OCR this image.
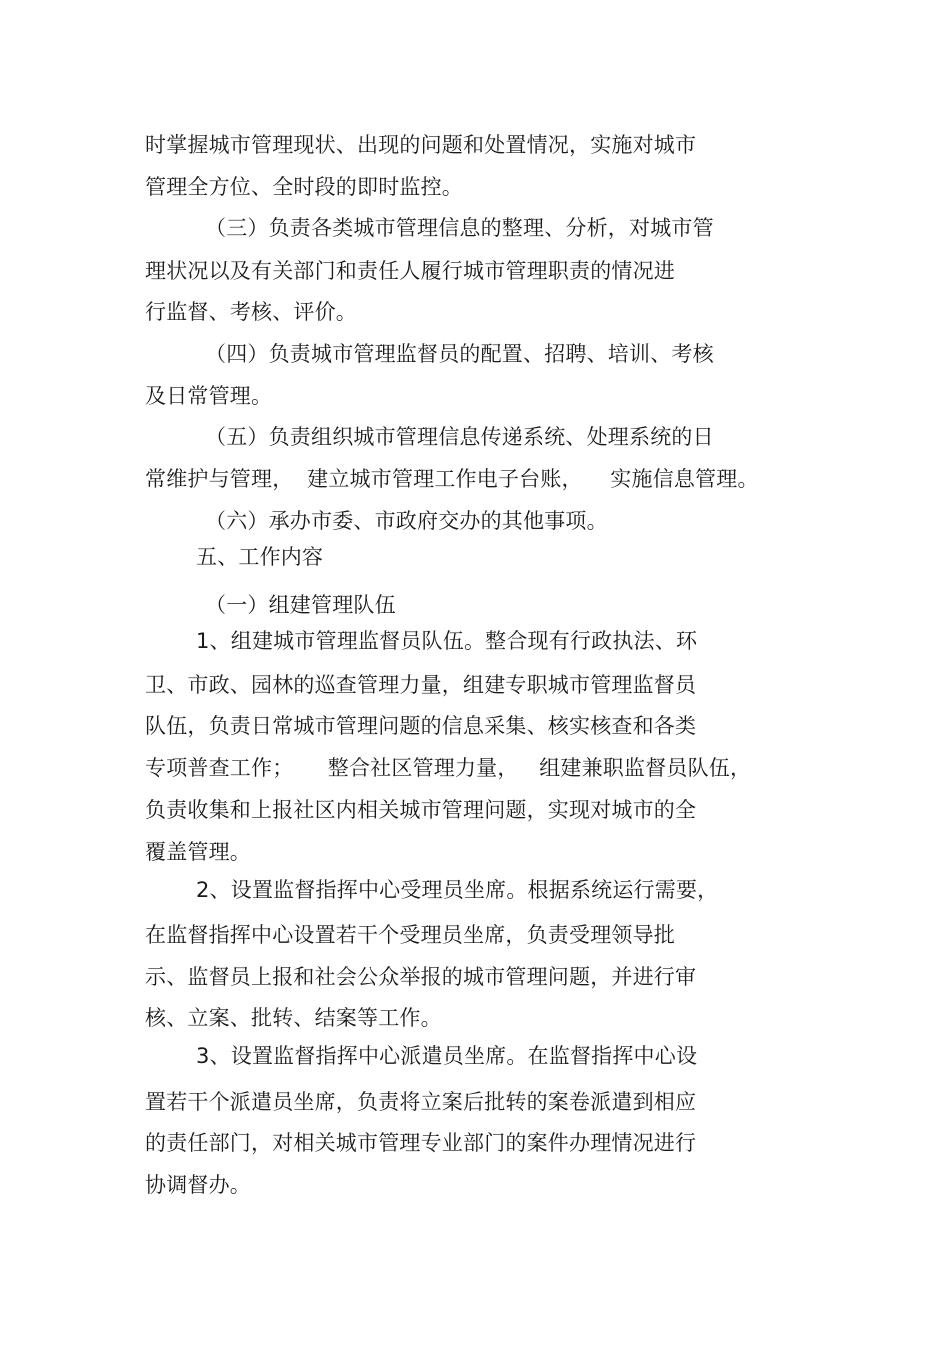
时掌握城市管理现状、出现的问题和处置情况，实施对城市
管理全方位、全时段的即时监控。
（三）负责各类城市管理信息的整理、分析，对城市管
理状况以及有关部门和责任人履行城市管理职责的情况进
行监督、考核、评价。
（四）负责城市管理监督员的配置、招聘、培训、考核
及日常管理。
（五）负责组织城市管理信息传递系统、处理系统的日
常维护与管理，  建立城市管理工作电子台账，    实施信息管理。
（六）承办市委、市政府交办的其他事项。
五、工作内容
（一）组建管理队伍
1、组建城市管理监督员队伍。整合现有行政执法、环
卫、市政、园林的巡查管理力量，组建专职城市管理监督员
队伍，负责日常城市管理问题的信息采集、核实核查和各类
专项普查工作；     整合社区管理力量，   组建兼职监督员队伍，
负责收集和上报社区内相关城市管理问题，实现对城市的全
覆盖管理。
2、设置监督指挥中心受理员坐席。根据系统运行需要，
在监督指挥中心设置若干个受理员坐席，负责受理领导批
示、监督员上报和社会公众举报的城市管理问题，并进行审
核、立案、批转、结案等工作。
3、设置监督指挥中心派遣员坐席。在监督指挥中心设
置若干个派遣员坐席，负责将立案后批转的案卷派遣到相应
的责任部门，对相关城市管理专业部门的案件办理情况进行
协调督办。
